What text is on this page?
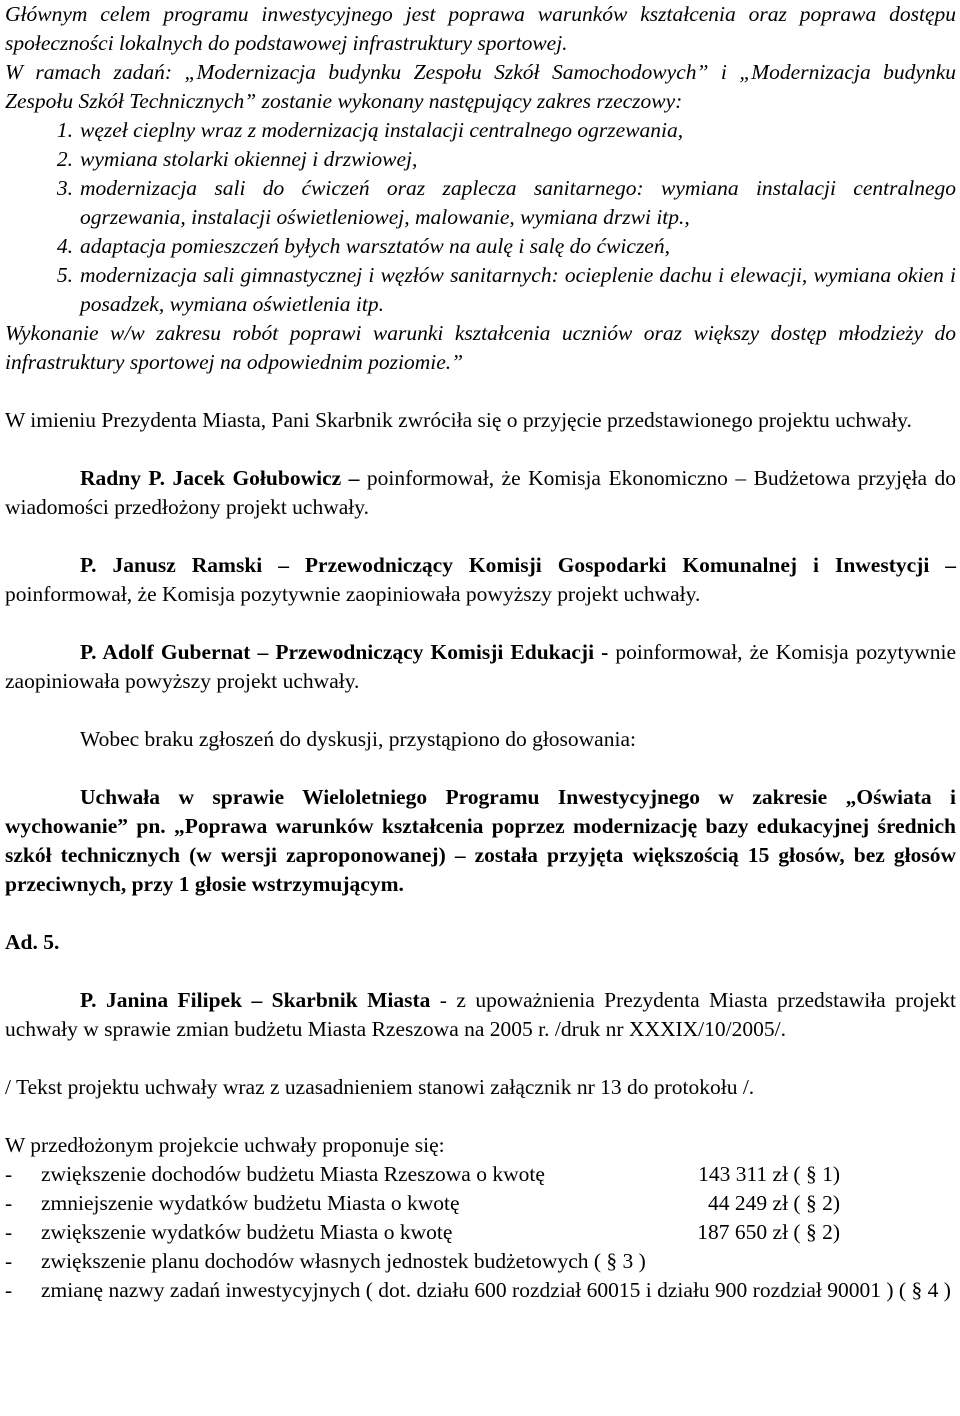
Głównym celem programu inwestycyjnego jest poprawa warunków kształcenia oraz poprawa dostępu społeczności lokalnych do podstawowej infrastruktury sportowej.

W ramach zadań: „Modernizacja budynku Zespołu Szkół Samochodowych” i „Modernizacja budynku Zespołu Szkół Technicznych” zostanie wykonany następujący zakres rzeczowy:

1. węzeł cieplny wraz z modernizacją instalacji centralnego ogrzewania,
2. wymiana stolarki okiennej i drzwiowej,
3. modernizacja sali do ćwiczeń oraz zaplecza sanitarnego: wymiana instalacji centralnego ogrzewania, instalacji oświetleniowej, malowanie, wymiana drzwi itp.,
4. adaptacja pomieszczeń byłych warsztatów na aulę i salę do ćwiczeń,
5. modernizacja sali gimnastycznej i węzłów sanitarnych: ocieplenie dachu i elewacji, wymiana okien i posadzek, wymiana oświetlenia itp.

Wykonanie w/w zakresu robót poprawi warunki kształcenia uczniów oraz większy dostęp młodzieży do infrastruktury sportowej na odpowiednim poziomie.”

W imieniu Prezydenta Miasta, Pani Skarbnik zwróciła się o przyjęcie przedstawionego projektu uchwały.

Radny P. Jacek Gołubowicz – poinformował, że Komisja Ekonomiczno – Budżetowa przyjęła do wiadomości przedłożony projekt uchwały.

P. Janusz Ramski – Przewodniczący Komisji Gospodarki Komunalnej i Inwestycji – poinformował, że Komisja pozytywnie zaopiniowała powyższy projekt uchwały.

P. Adolf Gubernat – Przewodniczący Komisji Edukacji - poinformował, że Komisja pozytywnie zaopiniowała powyższy projekt uchwały.

Wobec braku zgłoszeń do dyskusji, przystąpiono do głosowania:

Uchwała w sprawie Wieloletniego Programu Inwestycyjnego w zakresie „Oświata i wychowanie” pn. „Poprawa warunków kształcenia poprzez modernizację bazy edukacyjnej średnich szkół technicznych (w wersji zaproponowanej) – została przyjęta większością 15 głosów, bez głosów przeciwnych, przy 1 głosie wstrzymującym.

Ad. 5.

P. Janina Filipek – Skarbnik Miasta - z upoważnienia Prezydenta Miasta przedstawiła projekt uchwały w sprawie zmian budżetu Miasta Rzeszowa na 2005 r. /druk nr XXXIX/10/2005/.

/ Tekst projektu uchwały wraz z uzasadnieniem stanowi załącznik nr 13 do protokołu /.

W przedłożonym projekcie uchwały proponuje się:

-	zwiększenie dochodów budżetu Miasta Rzeszowa o kwotę	143 311 zł ( § 1)
-	zmniejszenie wydatków budżetu Miasta o kwotę	44 249 zł ( § 2)
-	zwiększenie wydatków budżetu Miasta o kwotę	187 650 zł ( § 2)
-	zwiększenie planu dochodów własnych jednostek budżetowych ( § 3 )
-	zmianę nazwy zadań inwestycyjnych ( dot. działu 600 rozdział 60015 i działu 900 rozdział 90001 ) ( § 4 )
